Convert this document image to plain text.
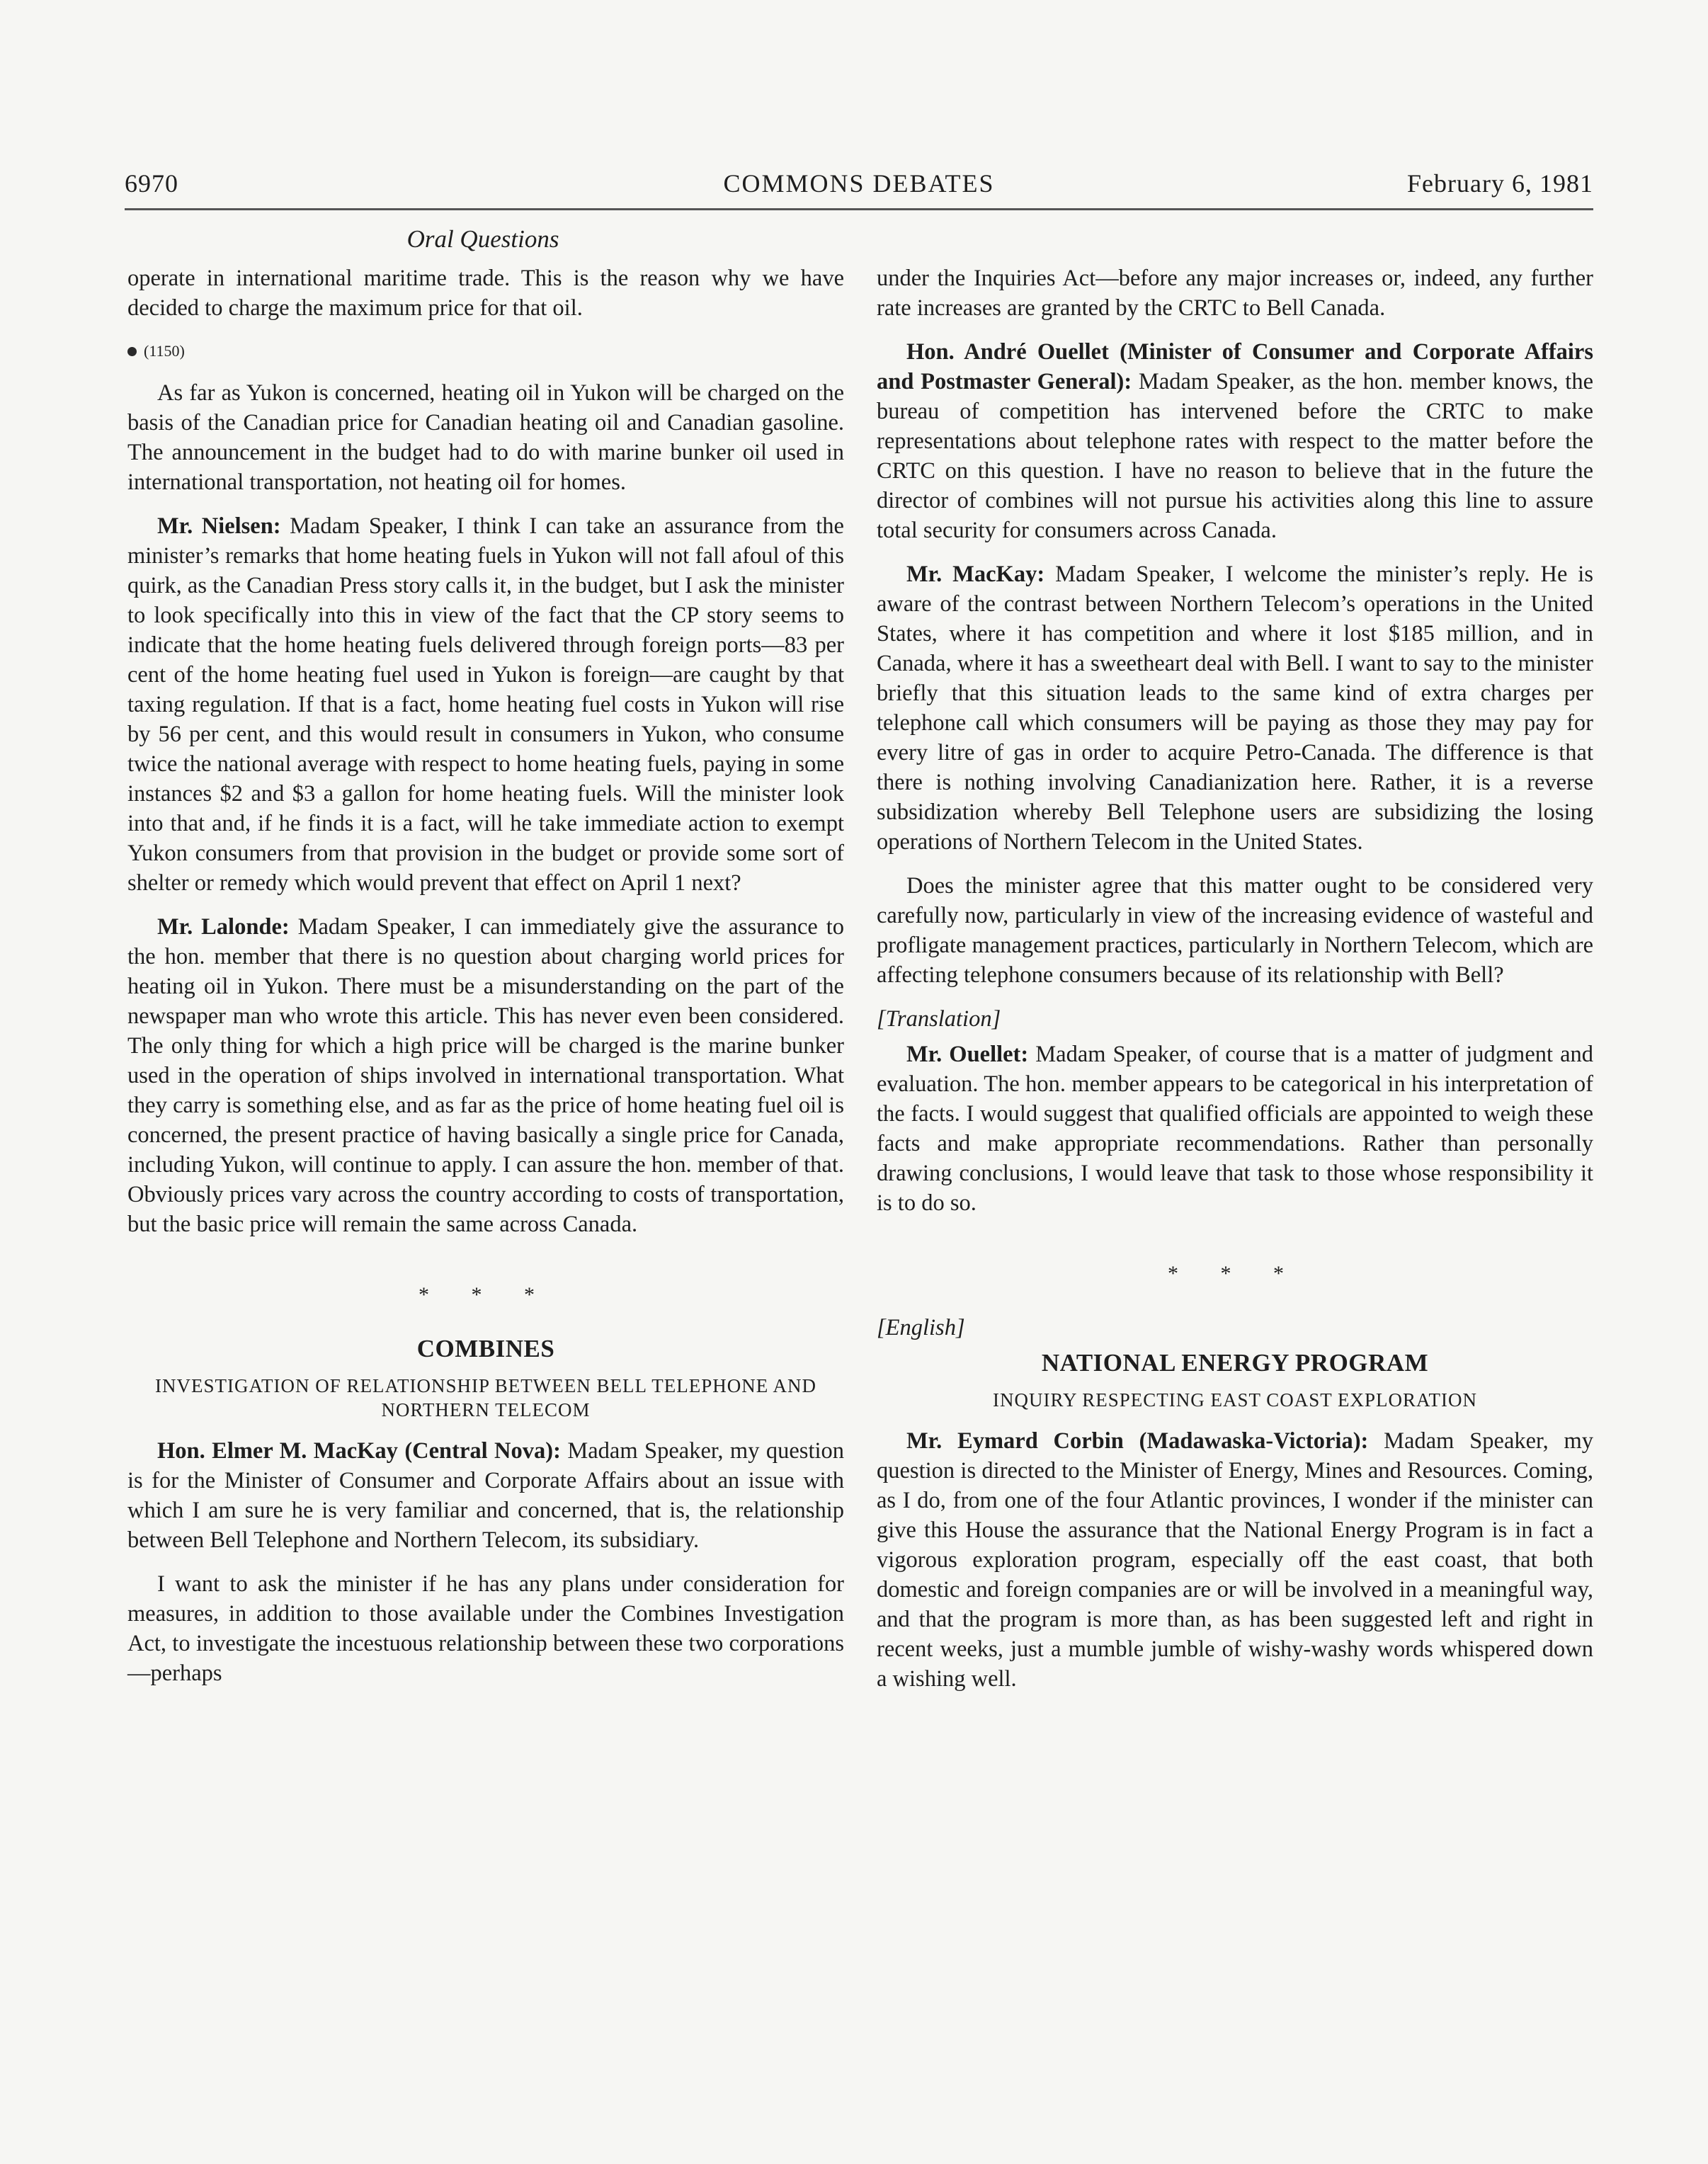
6970	COMMONS DEBATES	February 6, 1981
Oral Questions

operate in international maritime trade. This is the reason why we have decided to charge the maximum price for that oil.

(1150)

As far as Yukon is concerned, heating oil in Yukon will be charged on the basis of the Canadian price for Canadian heating oil and Canadian gasoline. The announcement in the budget had to do with marine bunker oil used in international transportation, not heating oil for homes.

Mr. Nielsen: Madam Speaker, I think I can take an assurance from the minister’s remarks that home heating fuels in Yukon will not fall afoul of this quirk, as the Canadian Press story calls it, in the budget, but I ask the minister to look specifically into this in view of the fact that the CP story seems to indicate that the home heating fuels delivered through foreign ports—83 per cent of the home heating fuel used in Yukon is foreign—are caught by that taxing regulation. If that is a fact, home heating fuel costs in Yukon will rise by 56 per cent, and this would result in consumers in Yukon, who consume twice the national average with respect to home heating fuels, paying in some instances $2 and $3 a gallon for home heating fuels. Will the minister look into that and, if he finds it is a fact, will he take immediate action to exempt Yukon consumers from that provision in the budget or provide some sort of shelter or remedy which would prevent that effect on April 1 next?

Mr. Lalonde: Madam Speaker, I can immediately give the assurance to the hon. member that there is no question about charging world prices for heating oil in Yukon. There must be a misunderstanding on the part of the newspaper man who wrote this article. This has never even been considered. The only thing for which a high price will be charged is the marine bunker used in the operation of ships involved in international transportation. What they carry is something else, and as far as the price of home heating fuel oil is concerned, the present practice of having basically a single price for Canada, including Yukon, will continue to apply. I can assure the hon. member of that. Obviously prices vary across the country according to costs of transportation, but the basic price will remain the same across Canada.

* * *
COMBINES
INVESTIGATION OF RELATIONSHIP BETWEEN BELL TELEPHONE AND NORTHERN TELECOM

Hon. Elmer M. MacKay (Central Nova): Madam Speaker, my question is for the Minister of Consumer and Corporate Affairs about an issue with which I am sure he is very familiar and concerned, that is, the relationship between Bell Telephone and Northern Telecom, its subsidiary.

I want to ask the minister if he has any plans under consideration for measures, in addition to those available under the Combines Investigation Act, to investigate the incestuous relationship between these two corporations—perhaps

under the Inquiries Act—before any major increases or, indeed, any further rate increases are granted by the CRTC to Bell Canada.

Hon. André Ouellet (Minister of Consumer and Corporate Affairs and Postmaster General): Madam Speaker, as the hon. member knows, the bureau of competition has intervened before the CRTC to make representations about telephone rates with respect to the matter before the CRTC on this question. I have no reason to believe that in the future the director of combines will not pursue his activities along this line to assure total security for consumers across Canada.

Mr. MacKay: Madam Speaker, I welcome the minister’s reply. He is aware of the contrast between Northern Telecom’s operations in the United States, where it has competition and where it lost $185 million, and in Canada, where it has a sweetheart deal with Bell. I want to say to the minister briefly that this situation leads to the same kind of extra charges per telephone call which consumers will be paying as those they may pay for every litre of gas in order to acquire Petro-Canada. The difference is that there is nothing involving Canadianization here. Rather, it is a reverse subsidization whereby Bell Telephone users are subsidizing the losing operations of Northern Telecom in the United States.

Does the minister agree that this matter ought to be considered very carefully now, particularly in view of the increasing evidence of wasteful and profligate management practices, particularly in Northern Telecom, which are affecting telephone consumers because of its relationship with Bell?

[Translation]

Mr. Ouellet: Madam Speaker, of course that is a matter of judgment and evaluation. The hon. member appears to be categorical in his interpretation of the facts. I would suggest that qualified officials are appointed to weigh these facts and make appropriate recommendations. Rather than personally drawing conclusions, I would leave that task to those whose responsibility it is to do so.

* * *
[English]
NATIONAL ENERGY PROGRAM
INQUIRY RESPECTING EAST COAST EXPLORATION

Mr. Eymard Corbin (Madawaska-Victoria): Madam Speaker, my question is directed to the Minister of Energy, Mines and Resources. Coming, as I do, from one of the four Atlantic provinces, I wonder if the minister can give this House the assurance that the National Energy Program is in fact a vigorous exploration program, especially off the east coast, that both domestic and foreign companies are or will be involved in a meaningful way, and that the program is more than, as has been suggested left and right in recent weeks, just a mumble jumble of wishy-washy words whispered down a wishing well.
